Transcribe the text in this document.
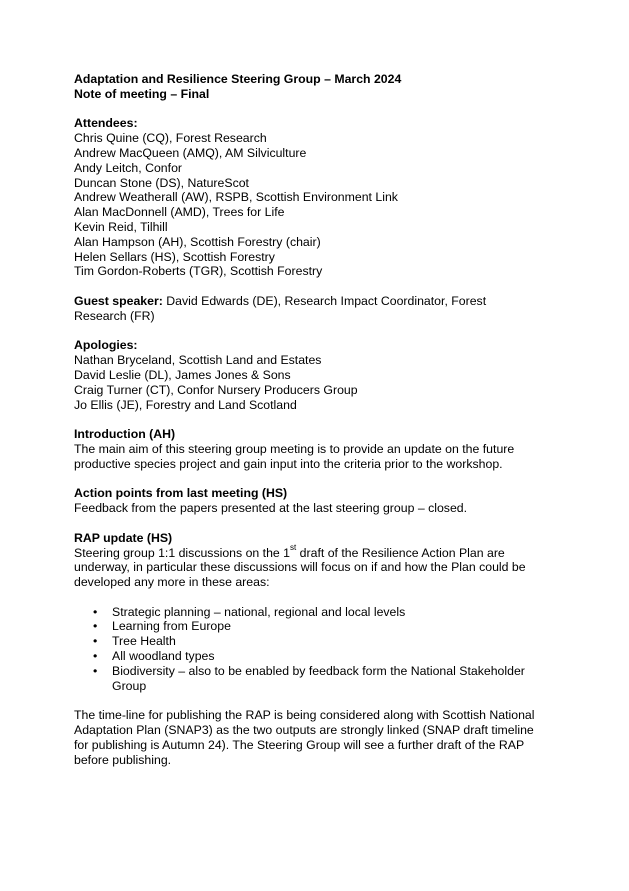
Adaptation and Resilience Steering Group – March 2024
Note of meeting – Final
Attendees:
Chris Quine (CQ), Forest Research
Andrew MacQueen (AMQ), AM Silviculture
Andy Leitch, Confor
Duncan Stone (DS), NatureScot
Andrew Weatherall (AW), RSPB, Scottish Environment Link
Alan MacDonnell (AMD), Trees for Life
Kevin Reid, Tilhill
Alan Hampson (AH), Scottish Forestry (chair)
Helen Sellars (HS), Scottish Forestry
Tim Gordon-Roberts (TGR), Scottish Forestry
Guest speaker: David Edwards (DE), Research Impact Coordinator, Forest
Research (FR)
Apologies:
Nathan Bryceland, Scottish Land and Estates
David Leslie (DL), James Jones & Sons
Craig Turner (CT), Confor Nursery Producers Group
Jo Ellis (JE), Forestry and Land Scotland
Introduction (AH)
The main aim of this steering group meeting is to provide an update on the future
productive species project and gain input into the criteria prior to the workshop.
Action points from last meeting (HS)
Feedback from the papers presented at the last steering group – closed.
RAP update (HS)
Steering group 1:1 discussions on the 1st draft of the Resilience Action Plan are
underway, in particular these discussions will focus on if and how the Plan could be
developed any more in these areas:
• Strategic planning – national, regional and local levels
• Learning from Europe
• Tree Health
• All woodland types
• Biodiversity – also to be enabled by feedback form the National Stakeholder
Group
The time-line for publishing the RAP is being considered along with Scottish National
Adaptation Plan (SNAP3) as the two outputs are strongly linked (SNAP draft timeline
for publishing is Autumn 24). The Steering Group will see a further draft of the RAP
before publishing.
